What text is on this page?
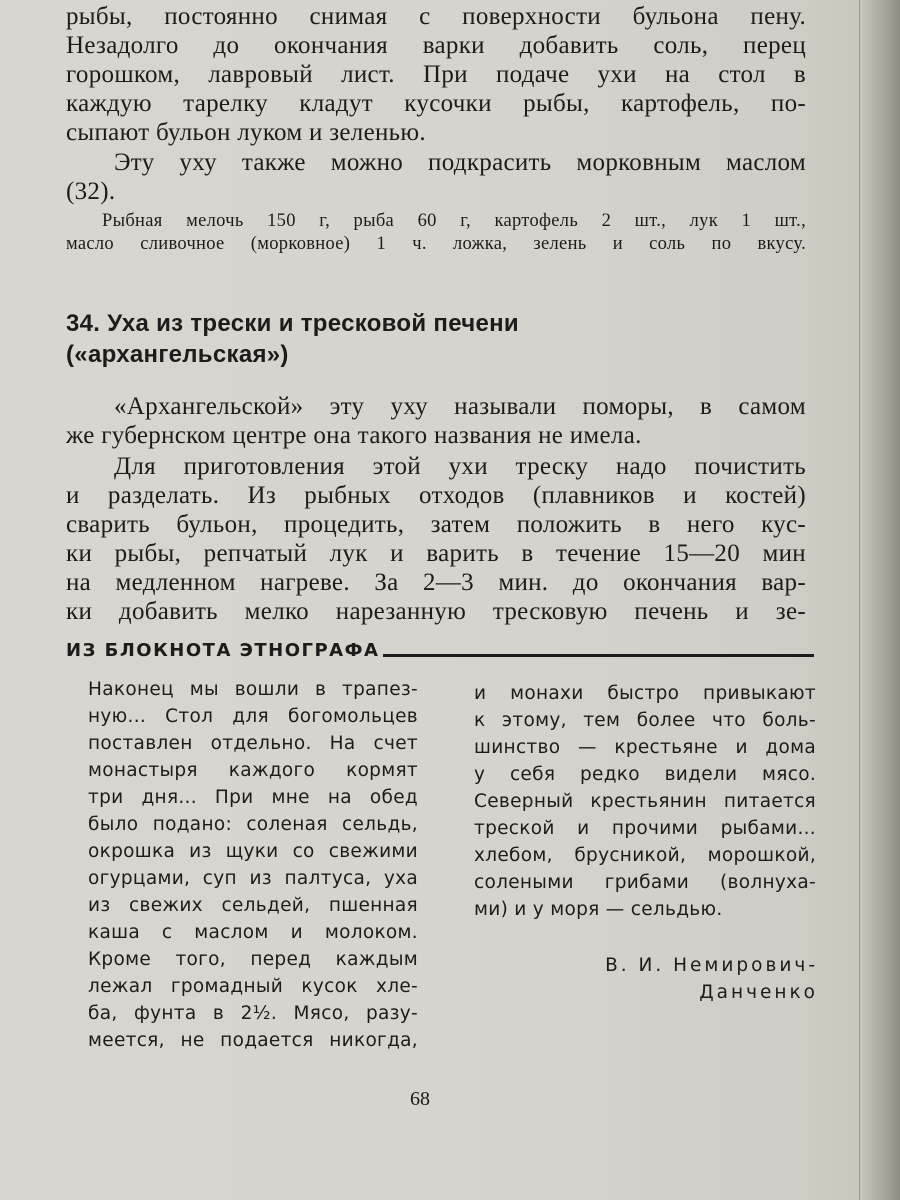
рыбы, постоянно снимая с поверхности бульона пену.
Незадолго до окончания варки добавить соль, перец
горошком, лавровый лист. При подаче ухи на стол в
каждую тарелку кладут кусочки рыбы, картофель, по-
сыпают бульон луком и зеленью.
Эту уху также можно подкрасить морковным маслом
(32).
Рыбная мелочь 150 г, рыба 60 г, картофель 2 шт., лук 1 шт.,
масло сливочное (морковное) 1 ч. ложка, зелень и соль по вкусу.
34. Уха из трески и тресковой печени
(«архангельская»)
«Архангельской» эту уху называли поморы, в самом
же губернском центре она такого названия не имела.
Для приготовления этой ухи треску надо почистить
и разделать. Из рыбных отходов (плавников и костей)
сварить бульон, процедить, затем положить в него кус-
ки рыбы, репчатый лук и варить в течение 15—20 мин
на медленном нагреве. За 2—3 мин. до окончания вар-
ки добавить мелко нарезанную тресковую печень и зе-
ИЗ БЛОКНОТА ЭТНОГРАФА
Наконец мы вошли в трапез-
ную... Стол для богомольцев
поставлен отдельно. На счет
монастыря каждого кормят
три дня... При мне на обед
было подано: соленая сельдь,
окрошка из щуки со свежими
огурцами, суп из палтуса, уха
из свежих сельдей, пшенная
каша с маслом и молоком.
Кроме того, перед каждым
лежал громадный кусок хле-
ба, фунта в 2½. Мясо, разу-
меется, не подается никогда,
и монахи быстро привыкают
к этому, тем более что боль-
шинство — крестьяне и дома
у себя редко видели мясо.
Северный крестьянин питается
треской и прочими рыбами...
хлебом, брусникой, морошкой,
солеными грибами (волнуха-
ми) и у моря — сельдью.
В. И. Немирович-
Данченко
68
